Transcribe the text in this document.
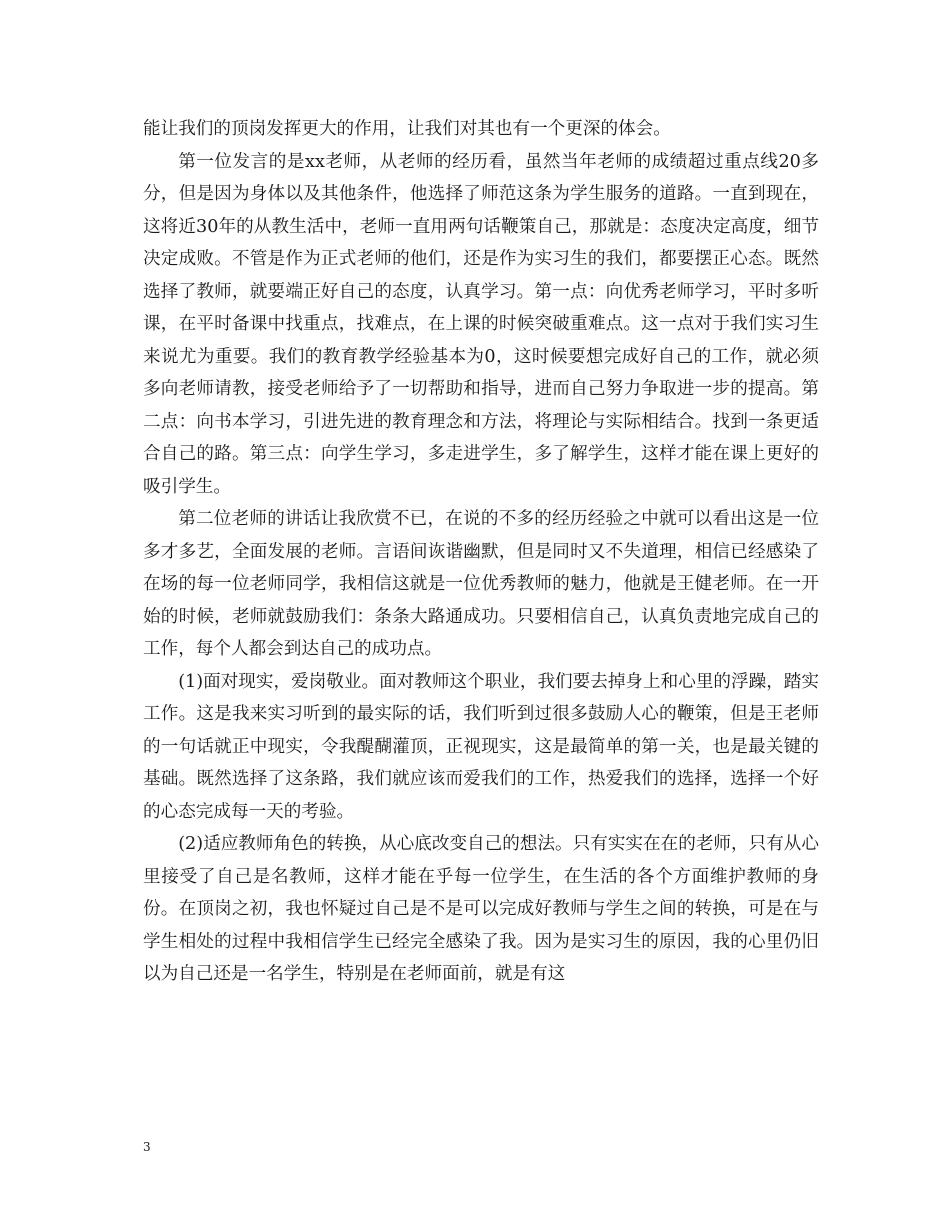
能让我们的顶岗发挥更大的作用，让我们对其也有一个更深的体会。

第一位发言的是xx老师，从老师的经历看，虽然当年老师的成绩超过重点线20多分，但是因为身体以及其他条件，他选择了师范这条为学生服务的道路。一直到现在，这将近30年的从教生活中，老师一直用两句话鞭策自己，那就是：态度决定高度，细节决定成败。不管是作为正式老师的他们，还是作为实习生的我们，都要摆正心态。既然选择了教师，就要端正好自己的态度，认真学习。第一点：向优秀老师学习，平时多听课，在平时备课中找重点，找难点，在上课的时候突破重难点。这一点对于我们实习生来说尤为重要。我们的教育教学经验基本为0，这时候要想完成好自己的工作，就必须多向老师请教，接受老师给予了一切帮助和指导，进而自己努力争取进一步的提高。第二点：向书本学习，引进先进的教育理念和方法，将理论与实际相结合。找到一条更适合自己的路。第三点：向学生学习，多走进学生，多了解学生，这样才能在课上更好的吸引学生。

第二位老师的讲话让我欣赏不已，在说的不多的经历经验之中就可以看出这是一位多才多艺，全面发展的老师。言语间诙谐幽默，但是同时又不失道理，相信已经感染了在场的每一位老师同学，我相信这就是一位优秀教师的魅力，他就是王健老师。在一开始的时候，老师就鼓励我们：条条大路通成功。只要相信自己，认真负责地完成自己的工作，每个人都会到达自己的成功点。

(1)面对现实，爱岗敬业。面对教师这个职业，我们要去掉身上和心里的浮躁，踏实工作。这是我来实习听到的最实际的话，我们听到过很多鼓励人心的鞭策，但是王老师的一句话就正中现实，令我醍醐灌顶，正视现实，这是最简单的第一关，也是最关键的基础。既然选择了这条路，我们就应该而爱我们的工作，热爱我们的选择，选择一个好的心态完成每一天的考验。

(2)适应教师角色的转换，从心底改变自己的想法。只有实实在在的老师，只有从心里接受了自己是名教师，这样才能在乎每一位学生，在生活的各个方面维护教师的身份。在顶岗之初，我也怀疑过自己是不是可以完成好教师与学生之间的转换，可是在与学生相处的过程中我相信学生已经完全感染了我。因为是实习生的原因，我的心里仍旧以为自己还是一名学生，特别是在老师面前，就是有这

3
